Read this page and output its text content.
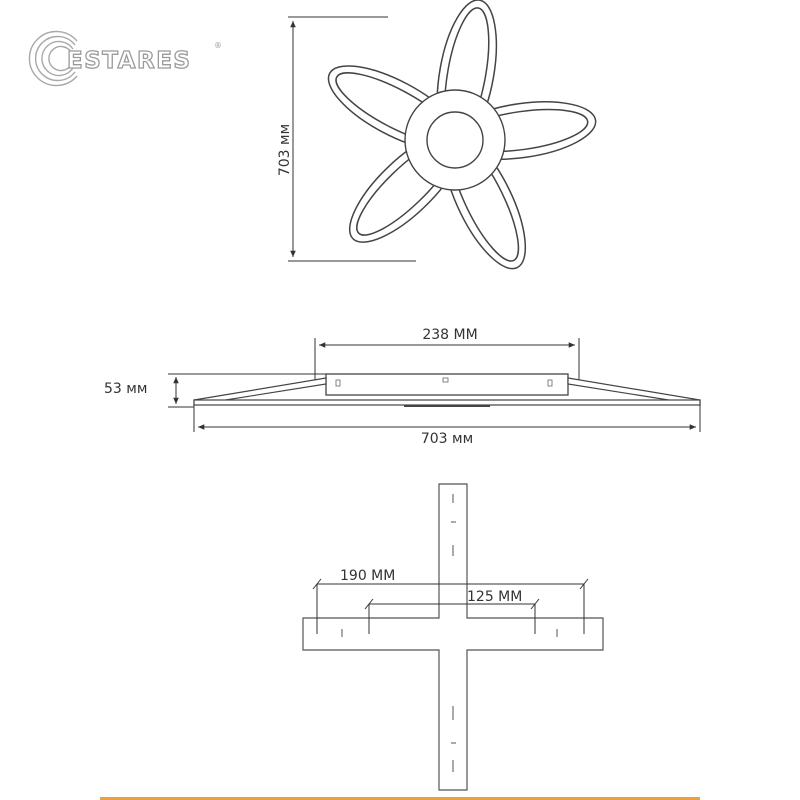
ESTARES
®
703 мм
238 MM
53 мм
703 мм
190 MM
125 MM
